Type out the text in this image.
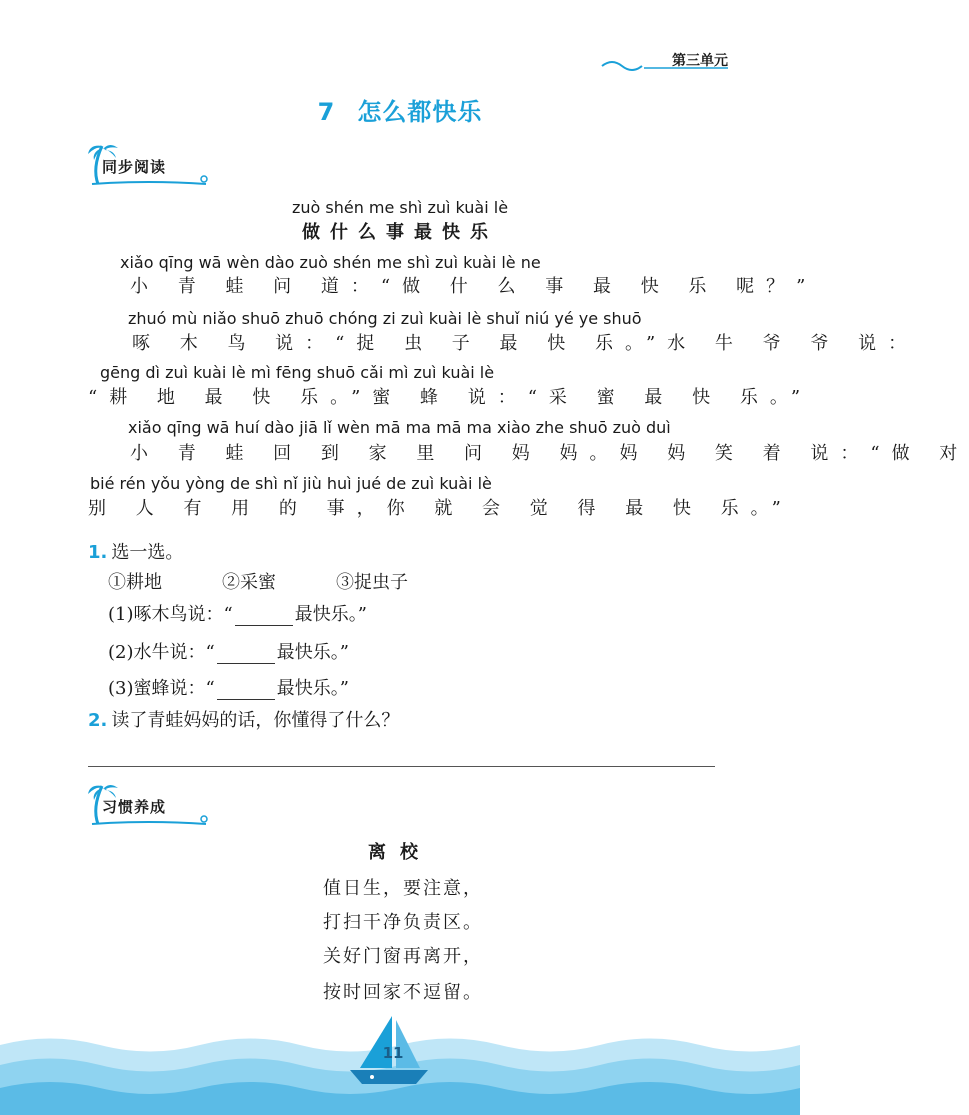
第三单元
7 怎么都快乐
同步阅读
zuò shén me shì zuì kuài lè
做什么事最快乐
xiǎo qīng wā wèn dào zuò shén me shì zuì kuài lè ne
小 青 蛙 问 道：“做 什 么 事 最 快 乐 呢？”
zhuó mù niǎo shuō zhuō chóng zi zuì kuài lè shuǐ niú yé ye shuō
啄 木 鸟 说：“捉 虫 子 最 快 乐。”水 牛 爷 爷 说：
gēng dì zuì kuài lè mì fēng shuō cǎi mì zuì kuài lè
“耕 地 最 快 乐。”蜜 蜂 说：“采 蜜 最 快 乐。”
xiǎo qīng wā huí dào jiā lǐ wèn mā ma mā ma xiào zhe shuō zuò duì
小 青 蛙 回 到 家 里 问 妈 妈。妈 妈 笑 着 说：“做 对
bié rén yǒu yòng de shì nǐ jiù huì jué de zuì kuài lè
别 人 有 用 的 事，你 就 会 觉 得 最 快 乐。”
1. 选一选。
①耕地	②采蜜	③捉虫子
(1)啄木鸟说：“	最快乐。”
(2)水牛说：“	最快乐。”
(3)蜜蜂说：“	最快乐。”
2. 读了青蛙妈妈的话，你懂得了什么？
习惯养成
离校
值日生，要注意，
打扫干净负责区。
关好门窗再离开，
按时回家不逗留。
11
